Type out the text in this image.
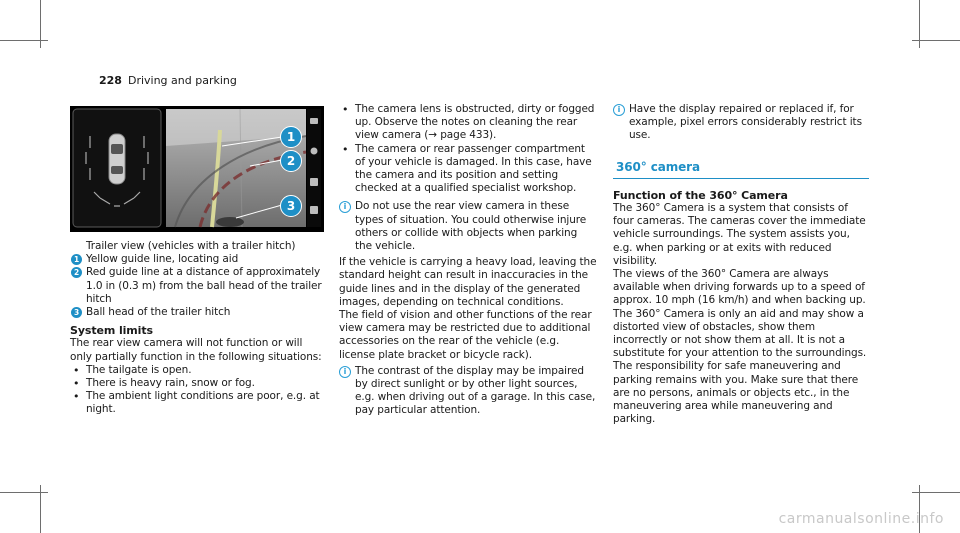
228 Driving and parking
1
2
3

Trailer view (vehicles with a trailer hitch)

1 Yellow guide line, locating aid

2 Red guide line at a distance of approximately 1.0 in (0.3 m) from the ball head of the trailer hitch

3 Ball head of the trailer hitch

System limits

The rear view camera will not function or will only partially function in the following situations:

• The tailgate is open.

• There is heavy rain, snow or fog.

• The ambient light conditions are poor, e.g. at night.

• The camera lens is obstructed, dirty or fogged up. Observe the notes on cleaning the rear view camera (→ page 433).

• The camera or rear passenger compartment of your vehicle is damaged. In this case, have the camera and its position and setting checked at a qualified specialist workshop.

i Do not use the rear view camera in these types of situation. You could otherwise injure others or collide with objects when parking the vehicle.

If the vehicle is carrying a heavy load, leaving the standard height can result in inaccuracies in the guide lines and in the display of the generated images, depending on technical conditions.

The field of vision and other functions of the rear view camera may be restricted due to additional accessories on the rear of the vehicle (e.g. license plate bracket or bicycle rack).

i The contrast of the display may be impaired by direct sunlight or by other light sources, e.g. when driving out of a garage. In this case, pay particular attention.

i Have the display repaired or replaced if, for example, pixel errors considerably restrict its use.

360° camera

Function of the 360° Camera

The 360° Camera is a system that consists of four cameras. The cameras cover the immediate vehicle surroundings. The system assists you, e.g. when parking or at exits with reduced visibility.

The views of the 360° Camera are always available when driving forwards up to a speed of approx. 10 mph (16 km/h) and when backing up.

The 360° Camera is only an aid and may show a distorted view of obstacles, show them incorrectly or not show them at all. It is not a substitute for your attention to the surroundings. The responsibility for safe maneuvering and parking remains with you. Make sure that there are no persons, animals or objects etc., in the maneuvering area while maneuvering and parking.

carmanualsonline.info
